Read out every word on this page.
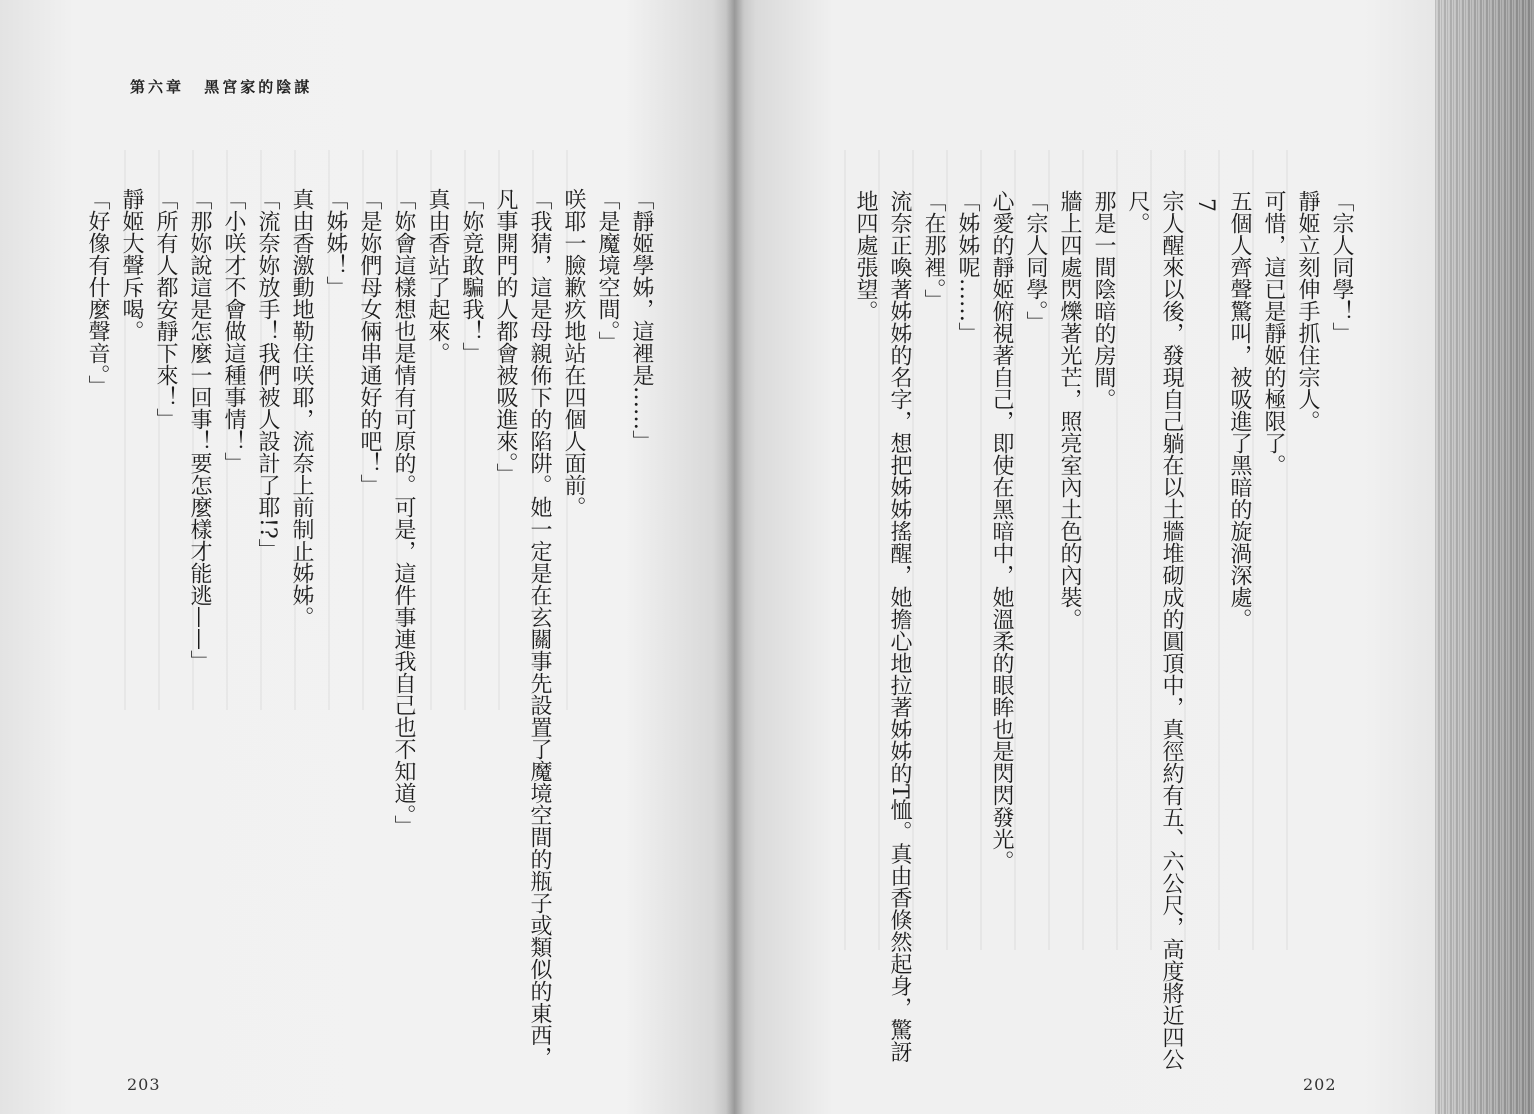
第六章 黑宮家的陰謀
「靜姬學姊，這裡是……」
「是魔境空間。」
咲耶一臉歉疚地站在四個人面前。
「我猜，這是母親佈下的陷阱。她一定是在玄關事先設置了魔境空間的瓶子或類似的東西，
凡事開門的人都會被吸進來。」
「妳竟敢騙我！」
真由香站了起來。
「妳會這樣想也是情有可原的。可是，這件事連我自己也不知道。」
「是妳們母女倆串通好的吧！」
「姊姊！」
真由香激動地勒住咲耶，流奈上前制止姊姊。
「流奈妳放手！我們被人設計了耶!?」
「小咲才不會做這種事情！」
「那妳說這是怎麼一回事！要怎麼樣才能逃——」
「所有人都安靜下來！」
靜姬大聲斥喝。
「好像有什麼聲音。」	「宗人同學！」
靜姬立刻伸手抓住宗人。
可惜，這已是靜姬的極限了。
五個人齊聲驚叫，被吸進了黑暗的旋渦深處。
7
宗人醒來以後，發現自己躺在以土牆堆砌成的圓頂中，真徑約有五、六公尺，高度將近四公
尺。
那是一間陰暗的房間。
牆上四處閃爍著光芒，照亮室內土色的內裝。
「宗人同學。」
心愛的靜姬俯視著自己，即使在黑暗中，她溫柔的眼眸也是閃閃發光。
「姊姊呢……」
「在那裡。」
流奈正喚著姊姊的名字，想把姊姊搖醒，她擔心地拉著姊姊的T恤。真由香倏然起身，驚訝
地四處張望。
203	202
